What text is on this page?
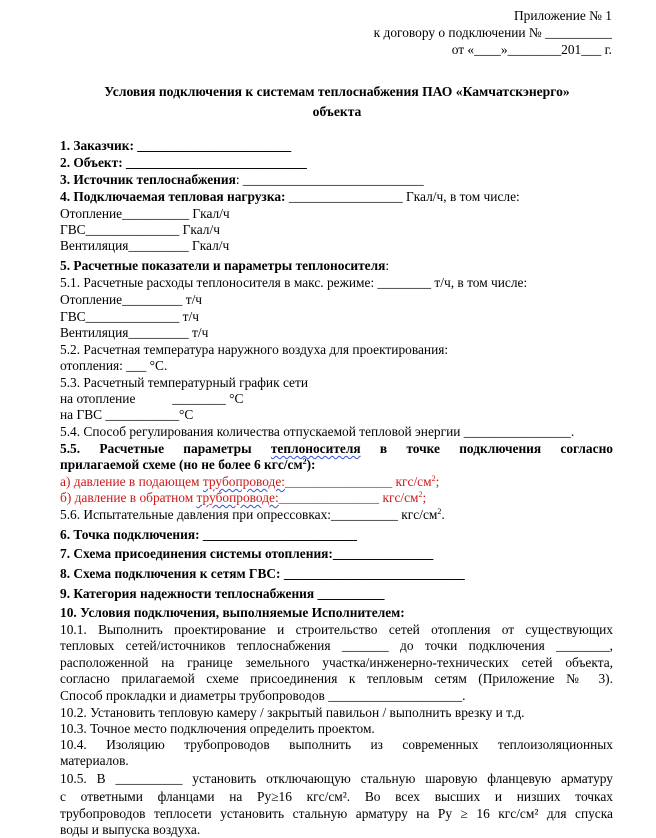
Приложение № 1
к договору о подключении № __________
от «____»________201___ г.
Условия подключения к системам теплоснабжения ПАО «Камчатскэнерго»
объекта
1. Заказчик: _______________________
2. Объект: ___________________________
3. Источник теплоснабжения: ___________________________
4. Подключаемая тепловая нагрузка: _________________ Гкал/ч, в том числе:
Отопление__________ Гкал/ч
ГВС______________ Гкал/ч
Вентиляция_________ Гкал/ч
5. Расчетные показатели и параметры теплоносителя:
5.1. Расчетные расходы теплоносителя в макс. режиме: ________ т/ч, в том числе:
Отопление_________ т/ч
ГВС______________ т/ч
Вентиляция_________ т/ч
5.2. Расчетная температура наружного воздуха для проектирования:
отопления: ___ °С.
5.3. Расчетный температурный график сети
на отопление           ________ °С
на ГВС ___________°С
5.4. Способ регулирования количества отпускаемой тепловой энергии ________________.
5.5. Расчетные параметры теплоносителя в точке подключения согласно
прилагаемой схеме (но не более 6 кгс/$см^2$):
а) давление в подающем трубопроводе:________________ кгс/$см^2$;
б) давление в обратном трубопроводе:_______________ кгс/$см^2$;
5.6. Испытательные давления при опрессовках:__________ кгс/$см^2$.
6. Точка подключения: _______________________
7. Схема присоединения системы отопления:_______________
8. Схема подключения к сетям ГВС: ___________________________
9. Категория надежности теплоснабжения __________
10. Условия подключения, выполняемые Исполнителем:
10.1. Выполнить проектирование и строительство сетей отопления от существующих
тепловых сетей/источников теплоснабжения _______ до точки подключения ________,
расположенной на границе земельного участка/инженерно-технических сетей объекта,
согласно прилагаемой схеме присоединения к тепловым сетям (Приложение № 3).
Способ прокладки и диаметры трубопроводов ____________________.
10.2. Установить тепловую камеру / закрытый павильон / выполнить врезку и т.д.
10.3. Точное место подключения определить проектом.
10.4. Изоляцию трубопроводов выполнить из современных теплоизоляционных
материалов.
10.5. В __________ установить отключающую стальную шаровую фланцевую арматуру
с ответными фланцами на Ру≥16 кгс/см². Во всех высших и низших точках
трубопроводов теплосети установить стальную арматуру на Ру ≥ 16 кгс/см² для спуска
воды и выпуска воздуха.
